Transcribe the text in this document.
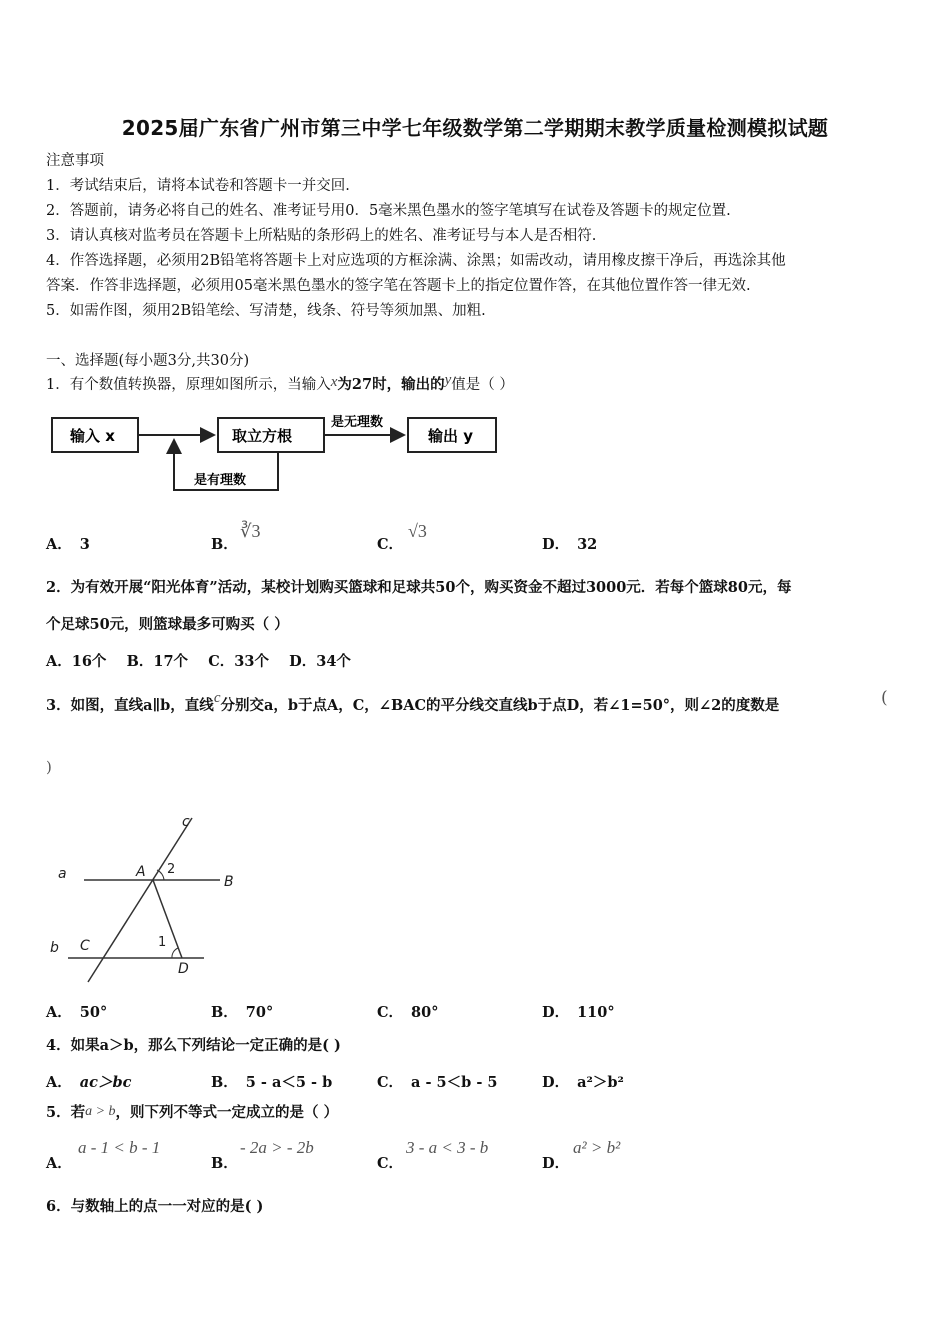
2025届广东省广州市第三中学七年级数学第二学期期末教学质量检测模拟试题
注意事项
1．考试结束后，请将本试卷和答题卡一并交回.
2．答题前，请务必将自己的姓名、准考证号用0．5毫米黑色墨水的签字笔填写在试卷及答题卡的规定位置.
3．请认真核对监考员在答题卡上所粘贴的条形码上的姓名、准考证号与本人是否相符.
4．作答选择题，必须用2B铅笔将答题卡上对应选项的方框涂满、涂黑；如需改动，请用橡皮擦干净后，再选涂其他
答案．作答非选择题，必须用05毫米黑色墨水的签字笔在答题卡上的指定位置作答，在其他位置作答一律无效.
5．如需作图，须用2B铅笔绘、写清楚，线条、符号等须加黑、加粗.
一、选择题(每小题3分,共30分)
1．有个数值转换器，原理如图所示，当输入x为27时，输出的y值是（ ）
输入 x	取立方根
是无理数
输出 y
是有理数
A． 3	B．
∛3
C．
√3
D． 32
2．为有效开展“阳光体育”活动，某校计划购买篮球和足球共50个，购买资金不超过3000元．若每个篮球80元，每
个足球50元，则篮球最多可购买（ ）
A．16个    B．17个    C．33个    D．34个
3．如图，直线a∥b，直线c分别交a，b于点A，C，∠BAC的平分线交直线b于点D，若∠1=50°，则∠2的度数是	(
)
c
a	A 2
B
b C	1
D
A． 50°	B． 70°	C． 80°	D． 110°
4．如果a＞b，那么下列结论一定正确的是( )
A． ac＞bc	B． 5 - a＜5 - b	C． a - 5＜b - 5	D． a²＞b²
5．若a > b，则下列不等式一定成立的是（ ）
A．
a - 1 < b - 1
B．
- 2a > - 2b
C．
3 - a < 3 - b
D．
a² > b²
6．与数轴上的点一一对应的是( )
